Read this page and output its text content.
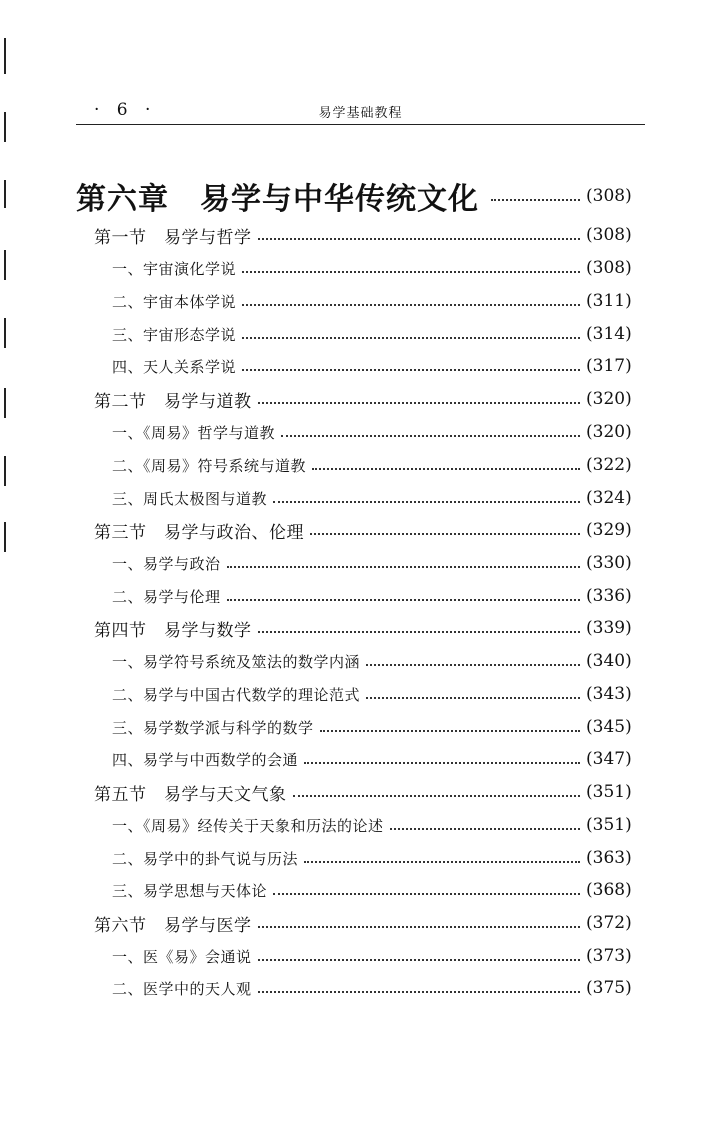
· 6 ·	易学基础教程
第六章　易学与中华传统文化	(308)
第一节　易学与哲学	(308)
一、宇宙演化学说	(308)
二、宇宙本体学说	(311)
三、宇宙形态学说	(314)
四、天人关系学说	(317)
第二节　易学与道教	(320)
一、《周易》哲学与道教	(320)
二、《周易》符号系统与道教	(322)
三、周氏太极图与道教	(324)
第三节　易学与政治、伦理	(329)
一、易学与政治	(330)
二、易学与伦理	(336)
第四节　易学与数学	(339)
一、易学符号系统及筮法的数学内涵	(340)
二、易学与中国古代数学的理论范式	(343)
三、易学数学派与科学的数学	(345)
四、易学与中西数学的会通	(347)
第五节　易学与天文气象	(351)
一、《周易》经传关于天象和历法的论述	(351)
二、易学中的卦气说与历法	(363)
三、易学思想与天体论	(368)
第六节　易学与医学	(372)
一、医《易》会通说	(373)
二、医学中的天人观	(375)
